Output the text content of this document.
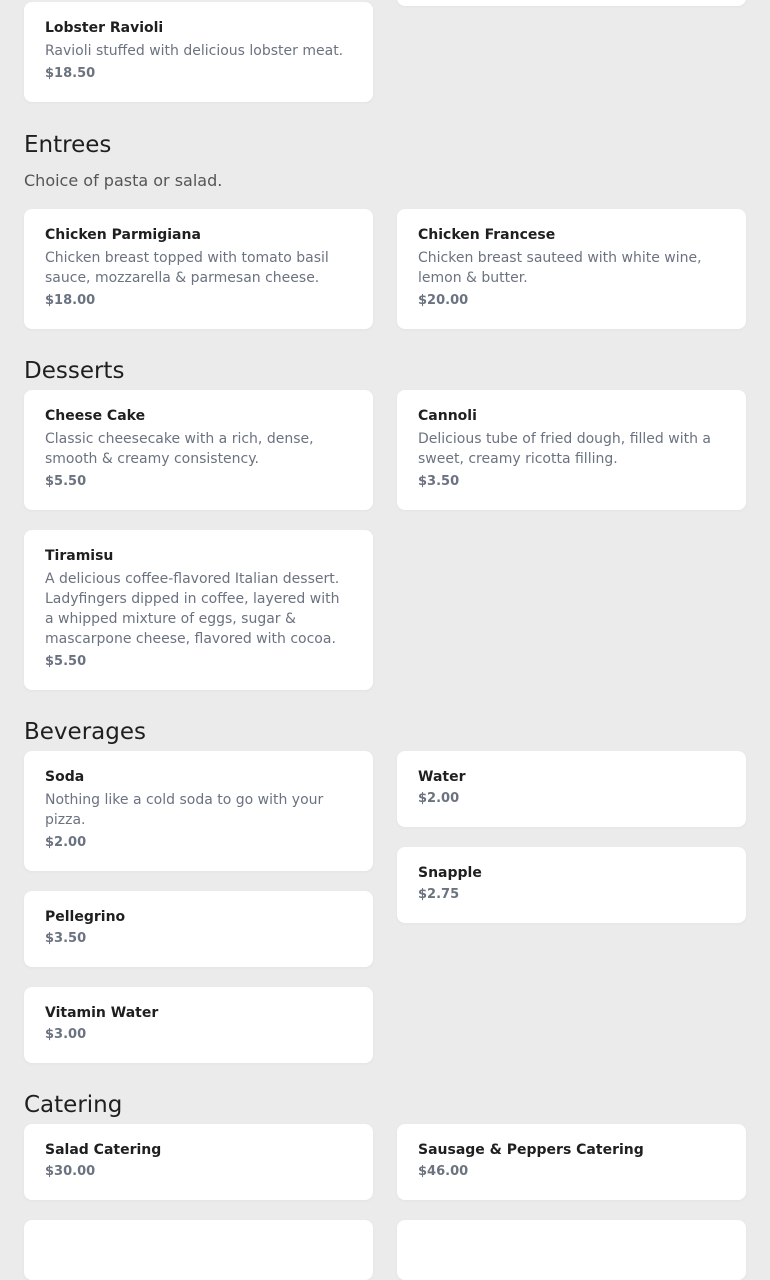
Lobster Ravioli

Ravioli stuffed with delicious lobster meat.

$18.50

Entrees

Choice of pasta or salad.

Chicken Parmigiana

Chicken breast topped with tomato basil sauce, mozzarella & parmesan cheese.

$18.00

Chicken Francese

Chicken breast sauteed with white wine, lemon & butter.

$20.00

Desserts

Cheese Cake

Classic cheesecake with a rich, dense, smooth & creamy consistency.

$5.50

Cannoli

Delicious tube of fried dough, filled with a sweet, creamy ricotta filling.

$3.50

Tiramisu

A delicious coffee-flavored Italian dessert. Ladyfingers dipped in coffee, layered with a whipped mixture of eggs, sugar & mascarpone cheese, flavored with cocoa.

$5.50

Beverages

Soda

Nothing like a cold soda to go with your pizza.

$2.00

Water

$2.00

Snapple

$2.75

Pellegrino

$3.50

Vitamin Water

$3.00

Catering

Salad Catering

$30.00

Sausage & Peppers Catering

$46.00
